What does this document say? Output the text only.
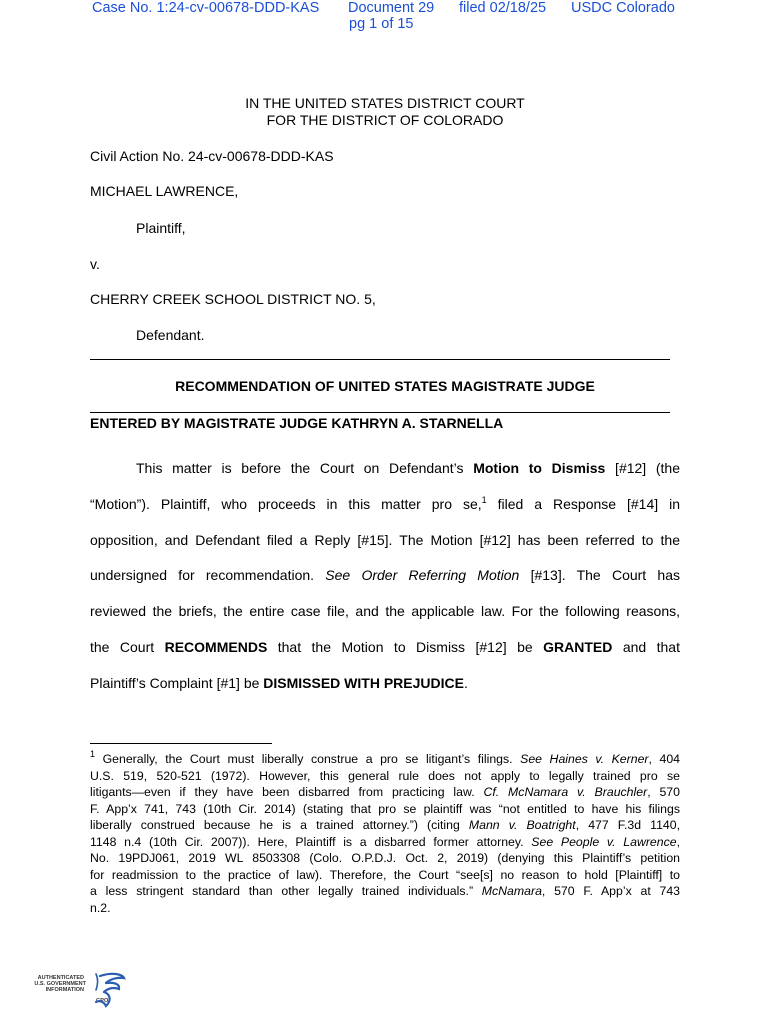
Case No. 1:24-cv-00678-DDD-KAS Document 29 filed 02/18/25 USDC Colorado
pg 1 of 15
IN THE UNITED STATES DISTRICT COURT
FOR THE DISTRICT OF COLORADO
Civil Action No. 24-cv-00678-DDD-KAS
MICHAEL LAWRENCE,
Plaintiff,
v.
CHERRY CREEK SCHOOL DISTRICT NO. 5,
Defendant.
RECOMMENDATION OF UNITED STATES MAGISTRATE JUDGE
ENTERED BY MAGISTRATE JUDGE KATHRYN A. STARNELLA
This matter is before the Court on Defendant’s Motion to Dismiss [#12] (the
“Motion”). Plaintiff, who proceeds in this matter pro se,$^1$ filed a Response [#14] in
opposition, and Defendant filed a Reply [#15]. The Motion [#12] has been referred to the
undersigned for recommendation. See Order Referring Motion [#13]. The Court has
reviewed the briefs, the entire case file, and the applicable law. For the following reasons,
the Court RECOMMENDS that the Motion to Dismiss [#12] be GRANTED and that
Plaintiff’s Complaint [#1] be DISMISSED WITH PREJUDICE.
$^1$ Generally, the Court must liberally construe a pro se litigant’s filings. See Haines v. Kerner, 404
U.S. 519, 520-521 (1972). However, this general rule does not apply to legally trained pro se
litigants—even if they have been disbarred from practicing law. Cf. McNamara v. Brauchler, 570
F. App’x 741, 743 (10th Cir. 2014) (stating that pro se plaintiff was “not entitled to have his filings
liberally construed because he is a trained attorney.”) (citing Mann v. Boatright, 477 F.3d 1140,
1148 n.4 (10th Cir. 2007)). Here, Plaintiff is a disbarred former attorney. See People v. Lawrence,
No. 19PDJ061, 2019 WL 8503308 (Colo. O.P.D.J. Oct. 2, 2019) (denying this Plaintiff’s petition
for readmission to the practice of law). Therefore, the Court “see[s] no reason to hold [Plaintiff] to
a less stringent standard than other legally trained individuals.” McNamara, 570 F. App’x at 743
n.2.
AUTHENTICATED
U.S. GOVERNMENT
INFORMATION
GPO
